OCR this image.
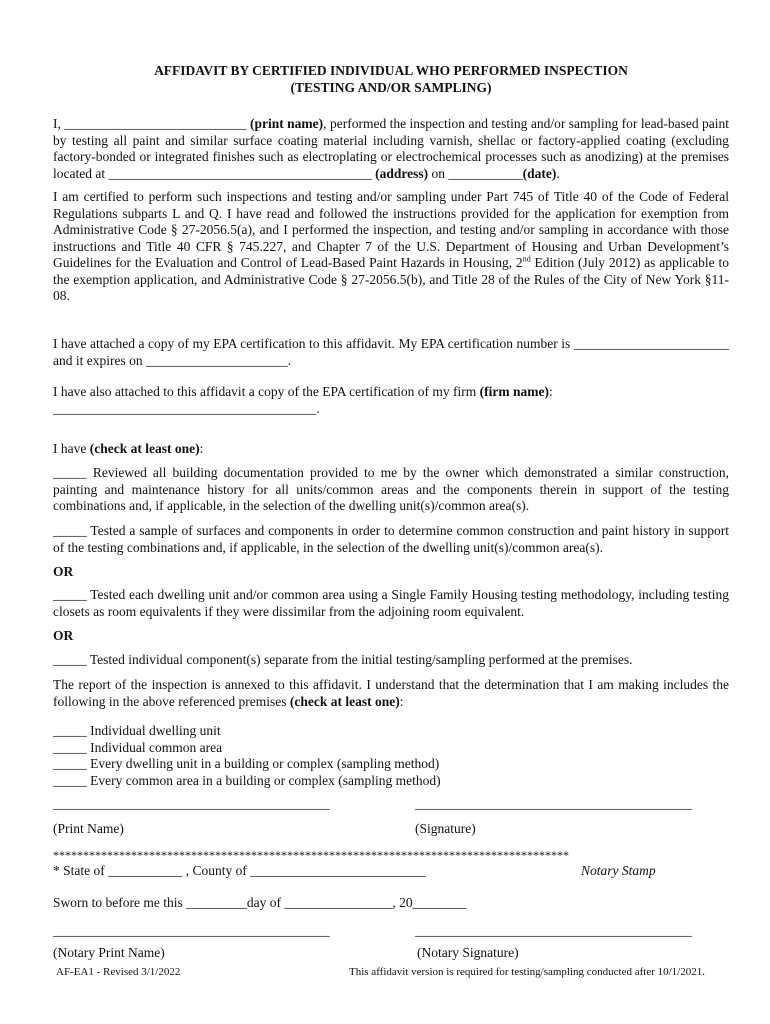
AFFIDAVIT BY CERTIFIED INDIVIDUAL WHO PERFORMED INSPECTION
(TESTING AND/OR SAMPLING)
I, ___________________________ (print name), performed the inspection and testing and/or sampling for lead-based paint by testing all paint and similar surface coating material including varnish, shellac or factory-applied coating (excluding factory-bonded or integrated finishes such as electroplating or electrochemical processes such as anodizing) at the premises located at _______________________________________ (address) on ___________(date).
I am certified to perform such inspections and testing and/or sampling under Part 745 of Title 40 of the Code of Federal Regulations subparts L and Q. I have read and followed the instructions provided for the application for exemption from Administrative Code § 27-2056.5(a), and I performed the inspection, and testing and/or sampling in accordance with those instructions and Title 40 CFR § 745.227, and Chapter 7 of the U.S. Department of Housing and Urban Development’s Guidelines for the Evaluation and Control of Lead-Based Paint Hazards in Housing, 2nd Edition (July 2012) as applicable to the exemption application, and Administrative Code § 27-2056.5(b), and Title 28 of the Rules of the City of New York §11-08.
I have attached a copy of my EPA certification to this affidavit. My EPA certification number is _______________________ and it expires on _____________________.
I have also attached to this affidavit a copy of the EPA certification of my firm (firm name): _______________________________________.
I have (check at least one):
_____ Reviewed all building documentation provided to me by the owner which demonstrated a similar construction, painting and maintenance history for all units/common areas and the components therein in support of the testing combinations and, if applicable, in the selection of the dwelling unit(s)/common area(s).
_____ Tested a sample of surfaces and components in order to determine common construction and paint history in support of the testing combinations and, if applicable, in the selection of the dwelling unit(s)/common area(s).
OR
_____ Tested each dwelling unit and/or common area using a Single Family Housing testing methodology, including testing closets as room equivalents if they were dissimilar from the adjoining room equivalent.
OR
_____ Tested individual component(s) separate from the initial testing/sampling performed at the premises.
The report of the inspection is annexed to this affidavit. I understand that the determination that I am making includes the following in the above referenced premises (check at least one):
_____ Individual dwelling unit
_____ Individual common area
_____ Every dwelling unit in a building or complex (sampling method)
_____ Every common area in a building or complex (sampling method)
_________________________________________	_________________________________________
(Print Name)	(Signature)
**************************************************************************************
* State of ___________ , County of __________________________	Notary Stamp
Sworn to before me this _________day of ________________, 20________
_________________________________________	_________________________________________
(Notary Print Name)	(Notary Signature)
AF-EA1 - Revised 3/1/2022	This affidavit version is required for testing/sampling conducted after 10/1/2021.
